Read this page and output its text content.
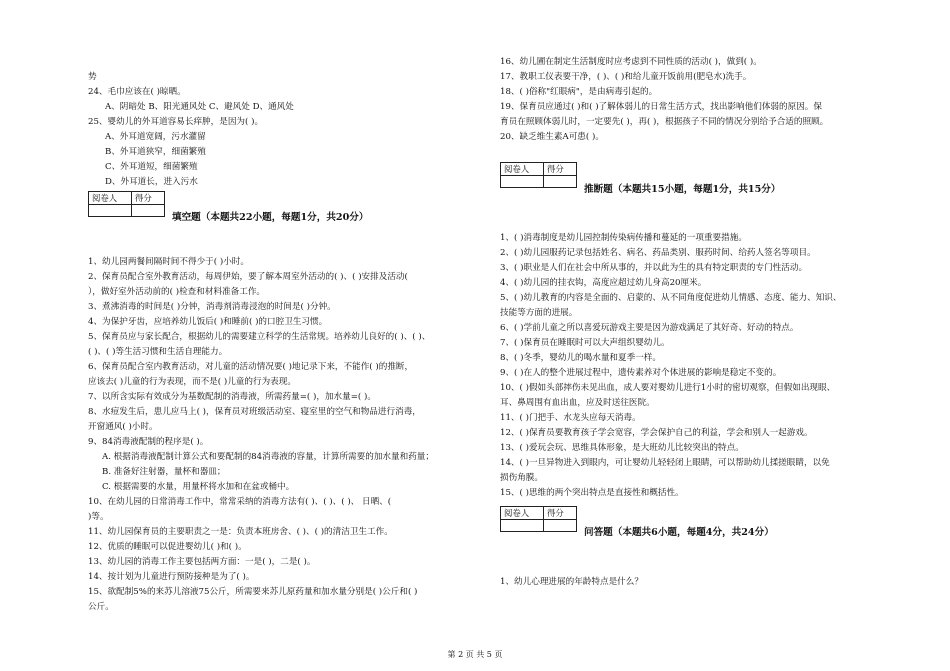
势
24、毛巾应该在( )晾晒。
A、阴暗处 B、阳光通风处 C、避风处 D、通风处
25、婴幼儿的外耳道容易长痒肿，是因为( )。
A、外耳道宽阔，污水灌留
B、外耳道狭窄，细菌繁殖
C、外耳道短，细菌繁殖
D、外耳道长，进入污水
1、幼儿园两餐间隔时间不得少于( )小时。
2、保育员配合室外教育活动，每周伊始，要了解本周室外活动的( )、( )安排及活动(
），做好室外活动前的( )检查和材料准备工作。
3、煮沸消毒的时间是( )分钟，消毒剂消毒浸泡的时间是( )分钟。
4、为保护牙齿，应培养幼儿饭后( )和睡前( )的口腔卫生习惯。
5、保育员应与家长配合，根据幼儿的需要建立科学的生活常规。培养幼儿良好的( )、( )、
( )、( )等生活习惯和生活自理能力。
6、保育员配合室内教育活动，对儿童的活动情况要( )地记录下来，不能作( )的推断，
应该去( )儿童的行为表现，而不是( )儿童的行为表现。
7、以所含实际有效成分为基数配制的消毒液，所需药量=( )，加水量=( )。
8、水痘发生后，患儿应马上( )，保育员对班级活动室、寝室里的空气和物品进行消毒，
开窗通风( )小时。
9、84消毒液配制的程序是( )。
A. 根据消毒液配制计算公式和要配制的84消毒液的容量，计算所需要的加水量和药量；
B. 准备好注射器，量杯和器皿；
C. 根据需要的水量，用量杯将水加和在盆或桶中。
10、在幼儿园的日常消毒工作中，常常采纳的消毒方法有( )、( )、( )、 日晒、(
)等。
11、幼儿园保育员的主要职责之一是：负责本班房舍、( )、( )的清洁卫生工作。
12、优质的睡眠可以促进婴幼儿( )和( )。
13、幼儿园的消毒工作主要包括两方面：一是( )，二是( )。
14、按计划为儿童进行预防接种是为了( )。
15、欲配制5%的来苏儿溶液75公斤，所需要来苏儿原药量和加水量分别是( )公斤和( )
公斤。
16、幼儿圃在制定生活制度时应考虑到不同性质的活动( )，做到( )。
17、教职工仪表要干净，( )、( )和给儿童开饭前用(肥皂水)洗手。
18、( )俗称"红眼病"，是由病毒引起的。
19、保育员应通过( )和( )了解体弱儿的日常生活方式，找出影响他们体弱的原因。保
育员在照顾体弱儿时，一定要先( )，再( )，根据孩子不同的情况分别给予合适的照顾。
20、缺乏维生素A可患( )。
1、( )消毒制度是幼儿园控制传染病传播和蔓延的一项重要措施。
2、( )幼儿园服药记录包括姓名、病名、药品类别、服药时间、给药人签名等项目。
3、( )职业是人们在社会中所从事的，并以此为生的具有特定职责的专门性活动。
4、( )幼儿园的挂衣钩，高度应超过幼儿身高20厘米。
5、( )幼儿教育的内容是全面的、启蒙的、从不同角度促进幼儿情感、态度、能力、知识、
技能等方面的进展。
6、( )学前儿童之所以喜爱玩游戏主要是因为游戏满足了其好奇、好动的特点。
7、( )保育员在睡眠时可以大声组织婴幼儿。
8、( )冬季，婴幼儿的喝水量和夏季一样。
9、( )在人的整个进展过程中，遗传素养对个体进展的影响是稳定不变的。
10、( )假如头部摔伤未见出血，成人要对婴幼儿进行1小时的密切观察，但假如出现眼、
耳、鼻周围有血出血，应及时送往医院。
11、( )门把手、水龙头应每天消毒。
12、( )保育员要教育孩子学会宽容，学会保护自己的利益，学会和别人一起游戏。
13、( )爱玩会玩、思维具体形象，是大班幼儿比较突出的特点。
14、( )一旦异物进入到眼内，可让婴幼儿轻轻闭上眼睛，可以帮助幼儿揉搓眼睛，以免
损伤角膜。
15、( )思维的两个突出特点是直接性和概括性。
1、幼儿心理进展的年龄特点是什么？
阅卷人	得分

填空题（本题共22小题，每题1分，共20分）
阅卷人	得分

推断题（本题共15小题，每题1分，共15分）
阅卷人	得分

问答题（本题共6小题，每题4分，共24分）
第 2 页 共 5 页
